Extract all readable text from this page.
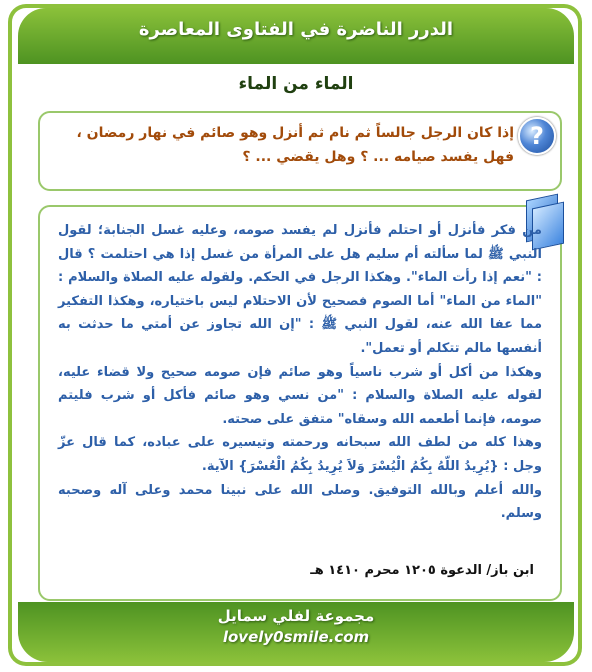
الدرر الناضرة في الفتاوى المعاصرة
الماء من الماء
?
إذا كان الرجل جالساً ثم نام ثم أنزل وهو صائم في نهار رمضان ، فهل يفسد صيامه ... ؟ وهل يقضي ... ؟
من فكر فأنزل أو احتلم فأنزل لم يفسد صومه، وعليه غسل الجنابة؛ لقول النبي ﷺ لما سألته أم سليم هل على المرأة من غسل إذا هي احتلمت ؟ قال : "نعم إذا رأت الماء". وهكذا الرجل في الحكم. ولقوله عليه الصلاة والسلام : "الماء من الماء" أما الصوم فصحيح لأن الاحتلام ليس باختياره، وهكذا التفكير مما عفا الله عنه، لقول النبي ﷺ : "إن الله تجاوز عن أمتي ما حدثت به أنفسها مالم تتكلم أو تعمل".
وهكذا من أكل أو شرب ناسياً وهو صائم فإن صومه صحيح ولا قضاء عليه، لقوله عليه الصلاة والسلام : "من نسي وهو صائم فأكل أو شرب فليتم صومه، فإنما أطعمه الله وسقاه" متفق على صحته.
وهذا كله من لطف الله سبحانه ورحمته وتيسيره على عباده، كما قال عزّ وجل : {يُرِيدُ اللّهُ بِكُمُ الْيُسْرَ وَلاَ يُرِيدُ بِكُمُ الْعُسْرَ} الآية.
والله أعلم وبالله التوفيق. وصلى الله على نبينا محمد وعلى آله وصحبه وسلم.
ابن باز/ الدعوة ١٢٠٥ محرم ١٤١٠ هـ
مجموعة لفلي سمايل
lovely0smile.com
